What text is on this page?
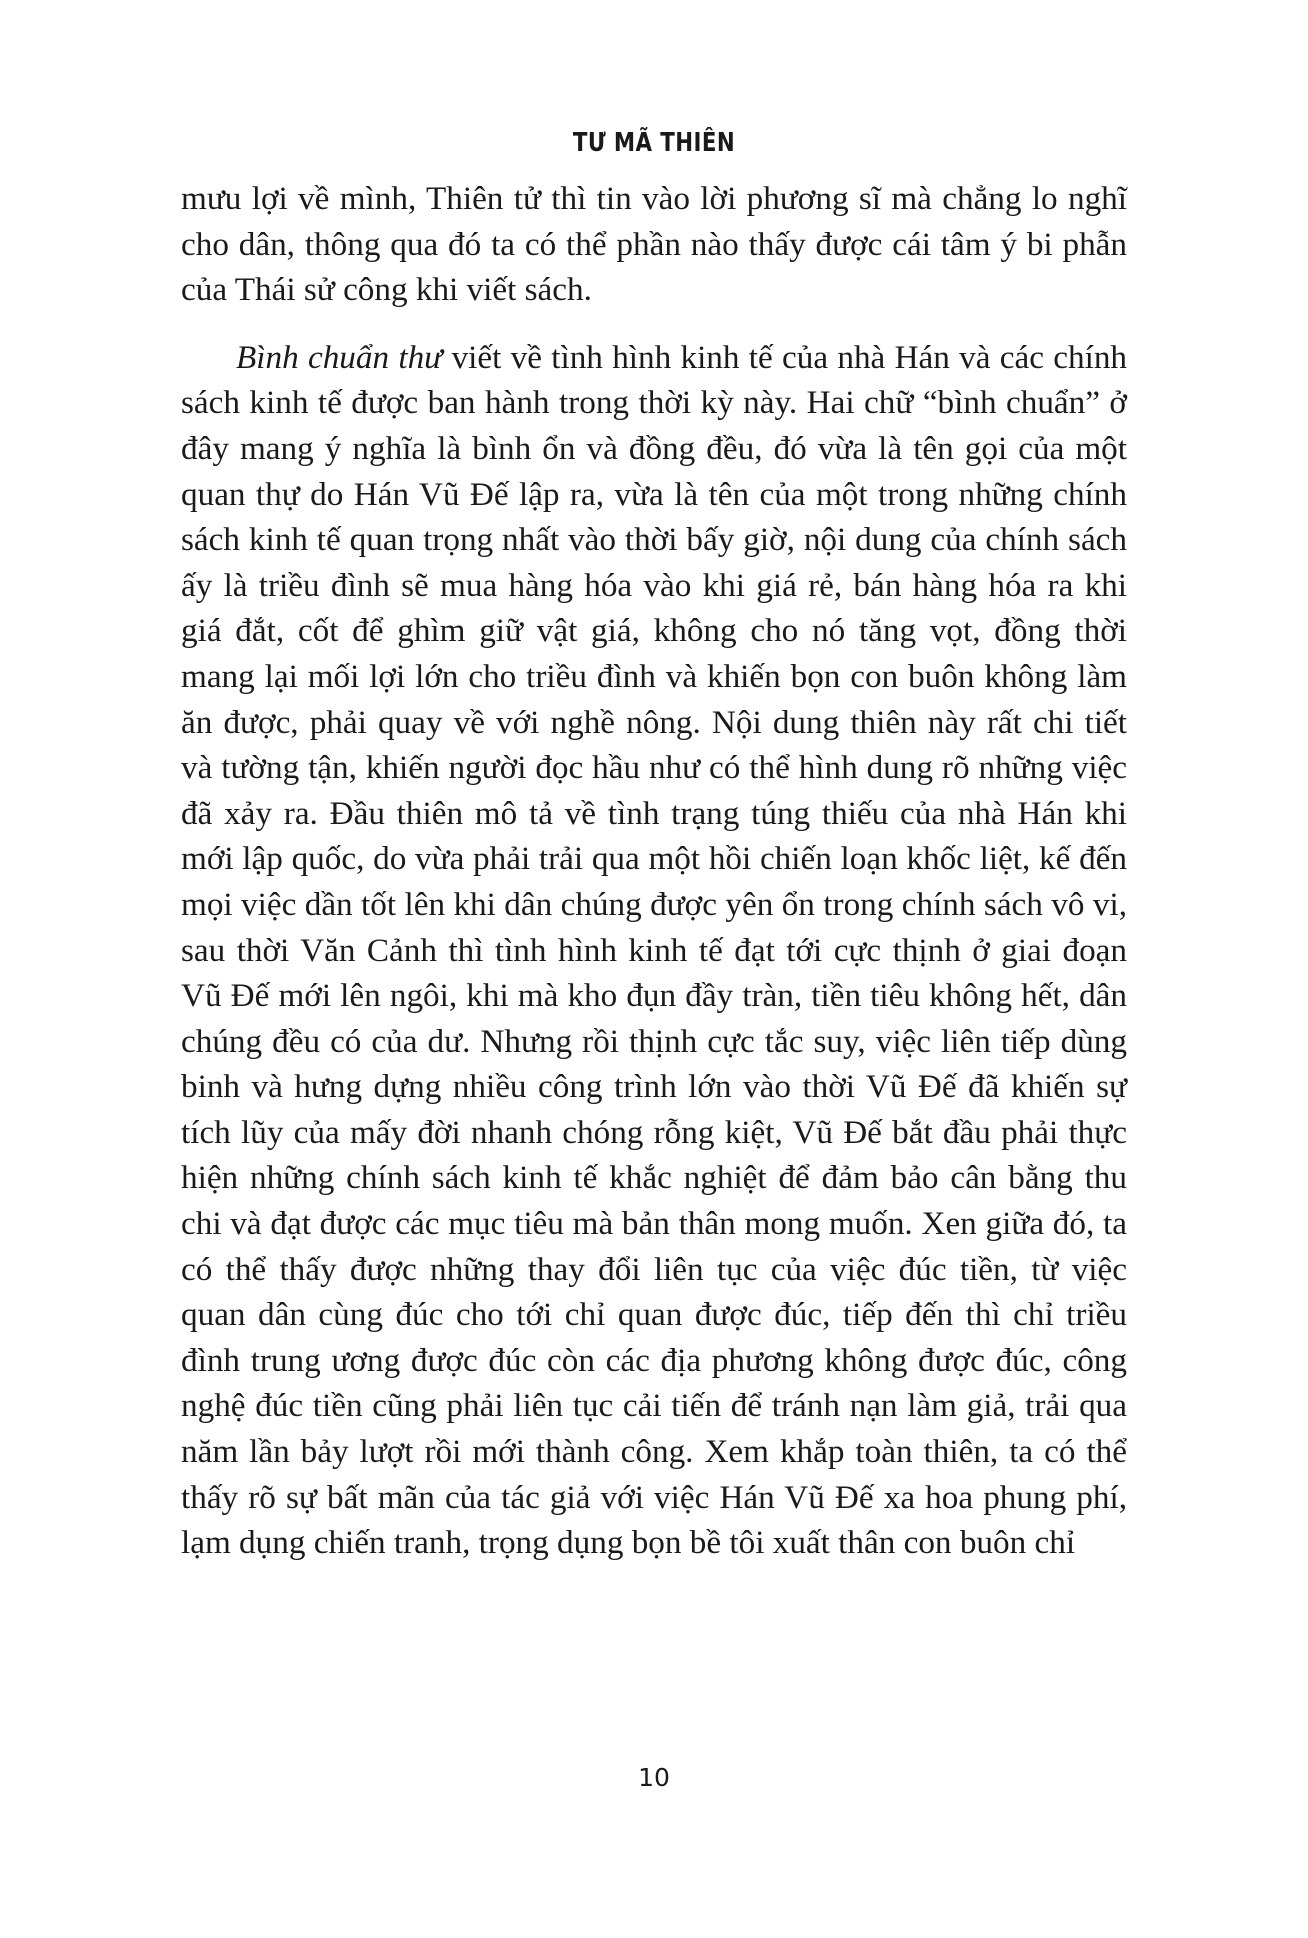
TƯ MÃ THIÊN

mưu lợi về mình, Thiên tử thì tin vào lời phương sĩ mà chẳng lo nghĩ cho dân, thông qua đó ta có thể phần nào thấy được cái tâm ý bi phẫn của Thái sử công khi viết sách.

Bình chuẩn thư viết về tình hình kinh tế của nhà Hán và các chính sách kinh tế được ban hành trong thời kỳ này. Hai chữ “bình chuẩn” ở đây mang ý nghĩa là bình ổn và đồng đều, đó vừa là tên gọi của một quan thự do Hán Vũ Đế lập ra, vừa là tên của một trong những chính sách kinh tế quan trọng nhất vào thời bấy giờ, nội dung của chính sách ấy là triều đình sẽ mua hàng hóa vào khi giá rẻ, bán hàng hóa ra khi giá đắt, cốt để ghìm giữ vật giá, không cho nó tăng vọt, đồng thời mang lại mối lợi lớn cho triều đình và khiến bọn con buôn không làm ăn được, phải quay về với nghề nông. Nội dung thiên này rất chi tiết và tường tận, khiến người đọc hầu như có thể hình dung rõ những việc đã xảy ra. Đầu thiên mô tả về tình trạng túng thiếu của nhà Hán khi mới lập quốc, do vừa phải trải qua một hồi chiến loạn khốc liệt, kế đến mọi việc dần tốt lên khi dân chúng được yên ổn trong chính sách vô vi, sau thời Văn Cảnh thì tình hình kinh tế đạt tới cực thịnh ở giai đoạn Vũ Đế mới lên ngôi, khi mà kho đụn đầy tràn, tiền tiêu không hết, dân chúng đều có của dư. Nhưng rồi thịnh cực tắc suy, việc liên tiếp dùng binh và hưng dựng nhiều công trình lớn vào thời Vũ Đế đã khiến sự tích lũy của mấy đời nhanh chóng rỗng kiệt, Vũ Đế bắt đầu phải thực hiện những chính sách kinh tế khắc nghiệt để đảm bảo cân bằng thu chi và đạt được các mục tiêu mà bản thân mong muốn. Xen giữa đó, ta có thể thấy được những thay đổi liên tục của việc đúc tiền, từ việc quan dân cùng đúc cho tới chỉ quan được đúc, tiếp đến thì chỉ triều đình trung ương được đúc còn các địa phương không được đúc, công nghệ đúc tiền cũng phải liên tục cải tiến để tránh nạn làm giả, trải qua năm lần bảy lượt rồi mới thành công. Xem khắp toàn thiên, ta có thể thấy rõ sự bất mãn của tác giả với việc Hán Vũ Đế xa hoa phung phí, lạm dụng chiến tranh, trọng dụng bọn bề tôi xuất thân con buôn chỉ

10
